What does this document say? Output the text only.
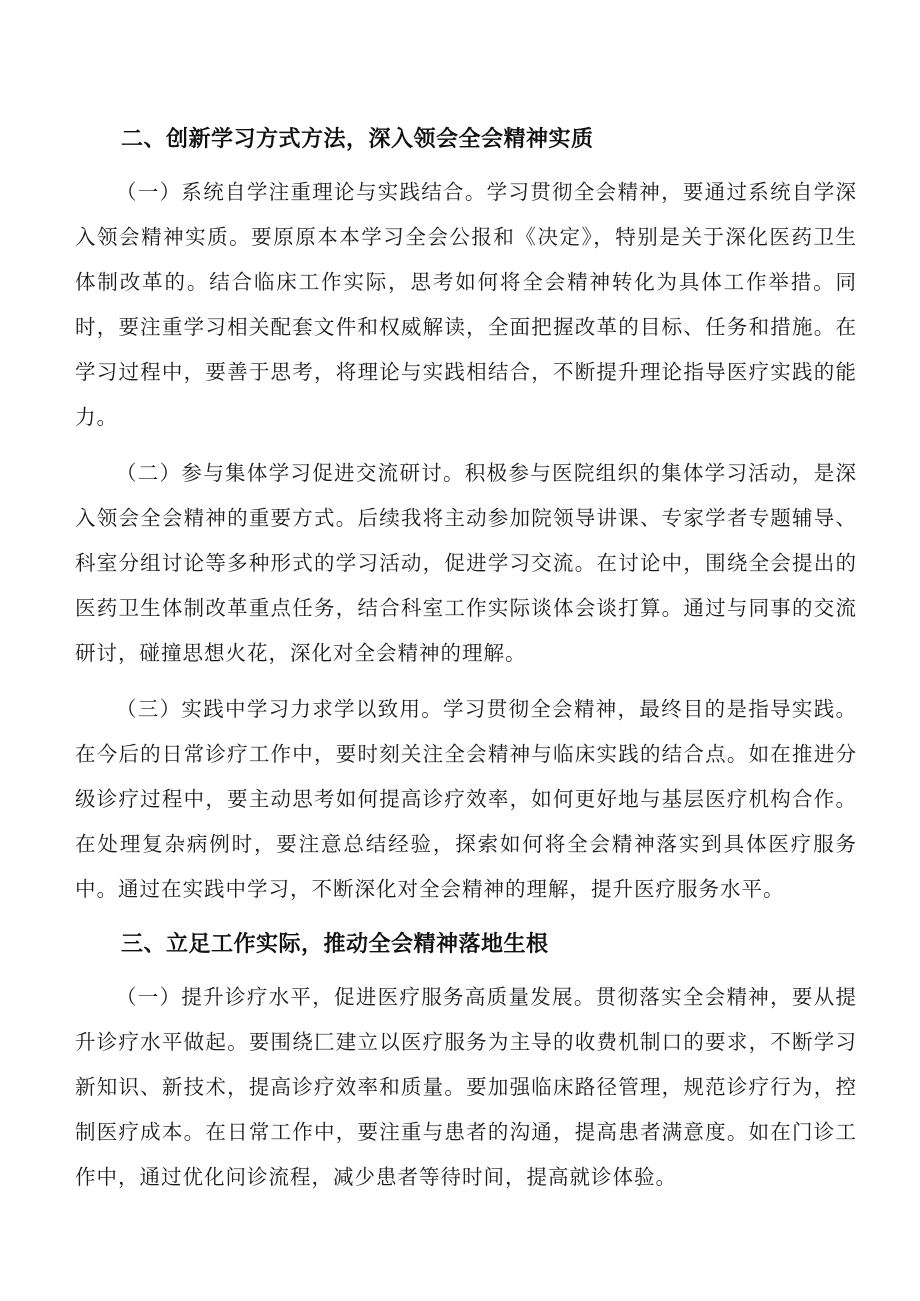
二、创新学习方式方法，深入领会全会精神实质

（一）系统自学注重理论与实践结合。学习贯彻全会精神，要通过系统自学深入领会精神实质。要原原本本学习全会公报和《决定》，特别是关于深化医药卫生体制改革的。结合临床工作实际，思考如何将全会精神转化为具体工作举措。同时，要注重学习相关配套文件和权威解读，全面把握改革的目标、任务和措施。在学习过程中，要善于思考，将理论与实践相结合，不断提升理论指导医疗实践的能力。

（二）参与集体学习促进交流研讨。积极参与医院组织的集体学习活动，是深入领会全会精神的重要方式。后续我将主动参加院领导讲课、专家学者专题辅导、科室分组讨论等多种形式的学习活动，促进学习交流。在讨论中，围绕全会提出的医药卫生体制改革重点任务，结合科室工作实际谈体会谈打算。通过与同事的交流研讨，碰撞思想火花，深化对全会精神的理解。

（三）实践中学习力求学以致用。学习贯彻全会精神，最终目的是指导实践。在今后的日常诊疗工作中，要时刻关注全会精神与临床实践的结合点。如在推进分级诊疗过程中，要主动思考如何提高诊疗效率，如何更好地与基层医疗机构合作。在处理复杂病例时，要注意总结经验，探索如何将全会精神落实到具体医疗服务中。通过在实践中学习，不断深化对全会精神的理解，提升医疗服务水平。

三、立足工作实际，推动全会精神落地生根

（一）提升诊疗水平，促进医疗服务高质量发展。贯彻落实全会精神，要从提升诊疗水平做起。要围绕匚建立以医疗服务为主导的收费机制口的要求，不断学习新知识、新技术，提高诊疗效率和质量。要加强临床路径管理，规范诊疗行为，控制医疗成本。在日常工作中，要注重与患者的沟通，提高患者满意度。如在门诊工作中，通过优化问诊流程，减少患者等待时间，提高就诊体验。
